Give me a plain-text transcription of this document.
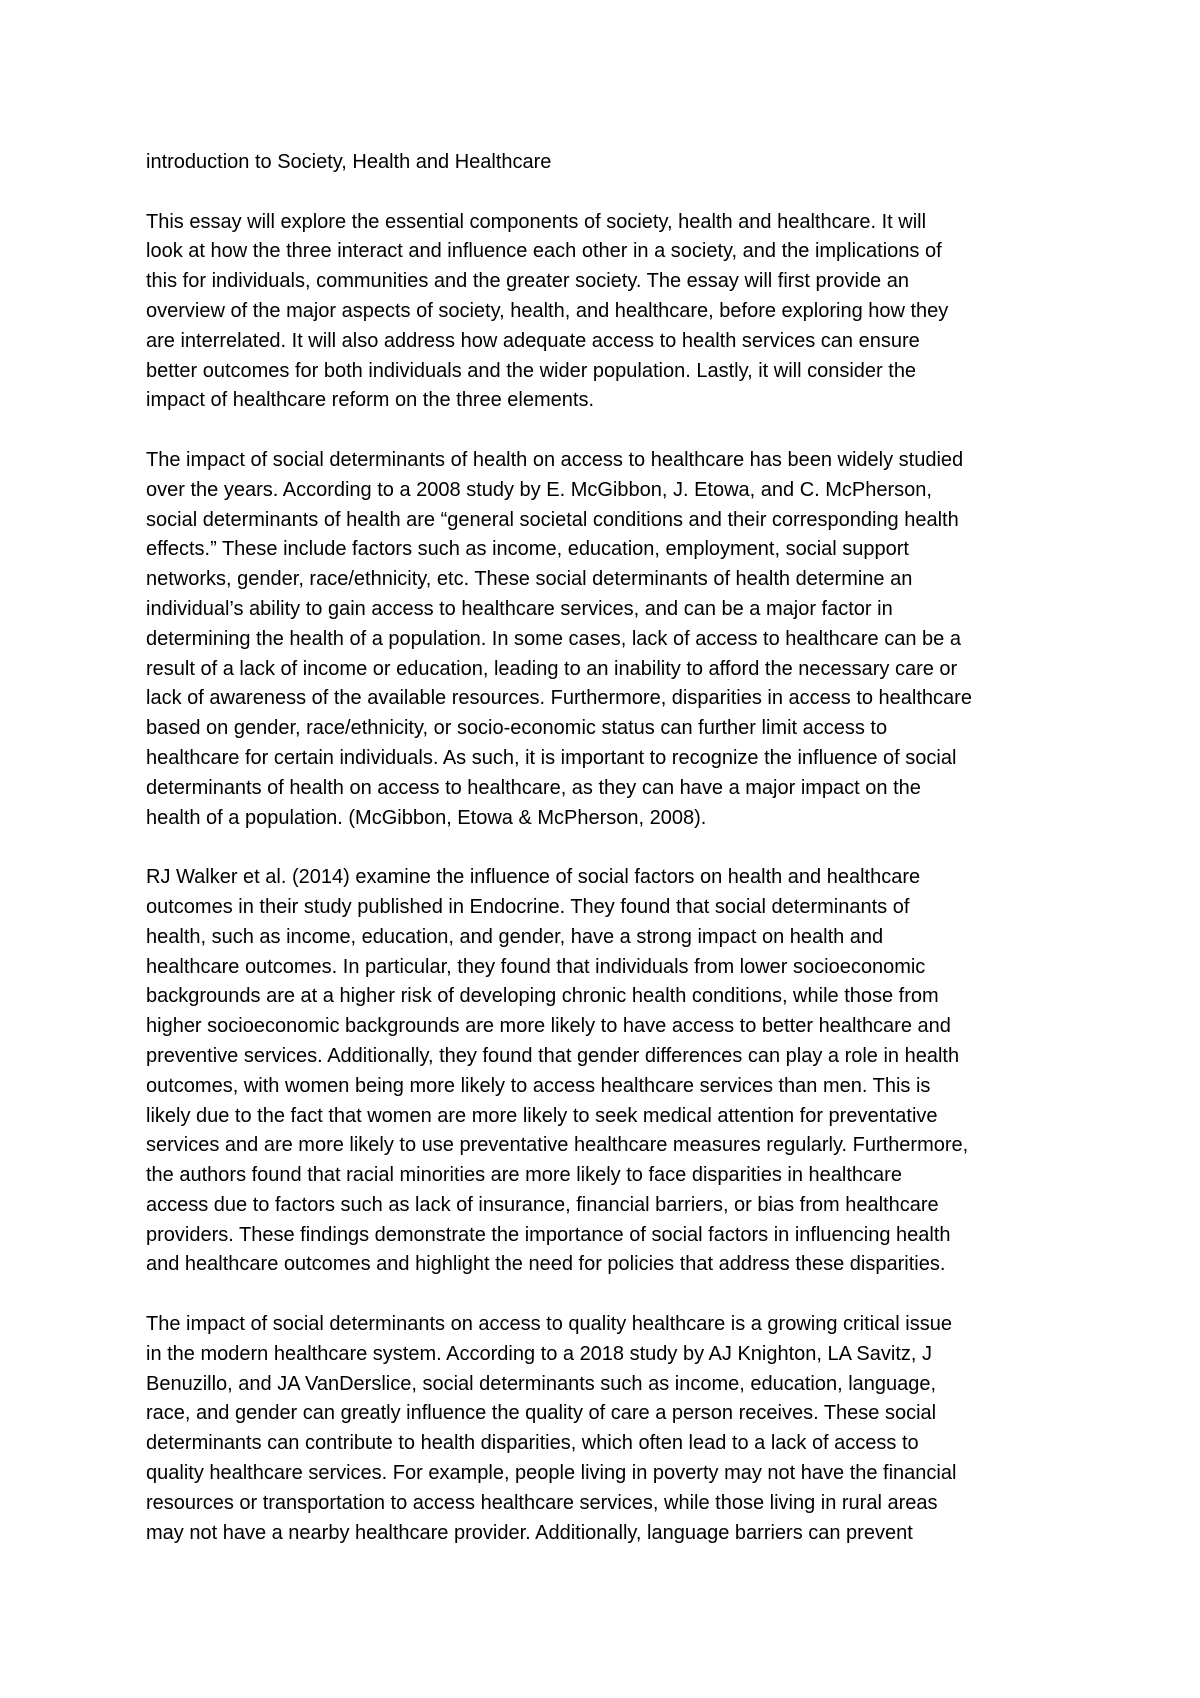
introduction to Society, Health and Healthcare
This essay will explore the essential components of society, health and healthcare. It will
look at how the three interact and influence each other in a society, and the implications of
this for individuals, communities and the greater society. The essay will first provide an
overview of the major aspects of society, health, and healthcare, before exploring how they
are interrelated. It will also address how adequate access to health services can ensure
better outcomes for both individuals and the wider population. Lastly, it will consider the
impact of healthcare reform on the three elements.
The impact of social determinants of health on access to healthcare has been widely studied
over the years. According to a 2008 study by E. McGibbon, J. Etowa, and C. McPherson,
social determinants of health are “general societal conditions and their corresponding health
effects.” These include factors such as income, education, employment, social support
networks, gender, race/ethnicity, etc. These social determinants of health determine an
individual’s ability to gain access to healthcare services, and can be a major factor in
determining the health of a population. In some cases, lack of access to healthcare can be a
result of a lack of income or education, leading to an inability to afford the necessary care or
lack of awareness of the available resources. Furthermore, disparities in access to healthcare
based on gender, race/ethnicity, or socio-economic status can further limit access to
healthcare for certain individuals. As such, it is important to recognize the influence of social
determinants of health on access to healthcare, as they can have a major impact on the
health of a population. (McGibbon, Etowa & McPherson, 2008).
RJ Walker et al. (2014) examine the influence of social factors on health and healthcare
outcomes in their study published in Endocrine. They found that social determinants of
health, such as income, education, and gender, have a strong impact on health and
healthcare outcomes. In particular, they found that individuals from lower socioeconomic
backgrounds are at a higher risk of developing chronic health conditions, while those from
higher socioeconomic backgrounds are more likely to have access to better healthcare and
preventive services. Additionally, they found that gender differences can play a role in health
outcomes, with women being more likely to access healthcare services than men. This is
likely due to the fact that women are more likely to seek medical attention for preventative
services and are more likely to use preventative healthcare measures regularly. Furthermore,
the authors found that racial minorities are more likely to face disparities in healthcare
access due to factors such as lack of insurance, financial barriers, or bias from healthcare
providers. These findings demonstrate the importance of social factors in influencing health
and healthcare outcomes and highlight the need for policies that address these disparities.
The impact of social determinants on access to quality healthcare is a growing critical issue
in the modern healthcare system. According to a 2018 study by AJ Knighton, LA Savitz, J
Benuzillo, and JA VanDerslice, social determinants such as income, education, language,
race, and gender can greatly influence the quality of care a person receives. These social
determinants can contribute to health disparities, which often lead to a lack of access to
quality healthcare services. For example, people living in poverty may not have the financial
resources or transportation to access healthcare services, while those living in rural areas
may not have a nearby healthcare provider. Additionally, language barriers can prevent
